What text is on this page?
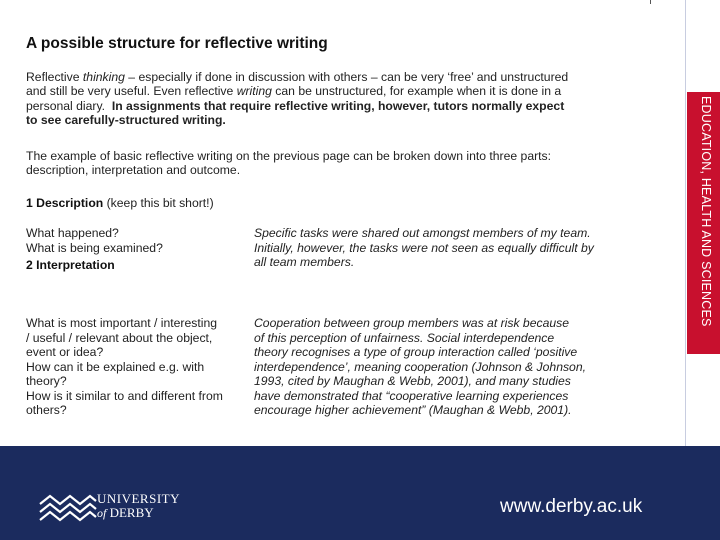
A possible structure for reflective writing
Reflective thinking – especially if done in discussion with others – can be very ‘free’ and unstructured
and still be very useful. Even reflective writing can be unstructured, for example when it is done in a
personal diary. In assignments that require reflective writing, however, tutors normally expect
to see carefully-structured writing.
The example of basic reflective writing on the previous page can be broken down into three parts:
description, interpretation and outcome.
1 Description (keep this bit short!)
What happened?
What is being examined?
Specific tasks were shared out amongst members of my team.
Initially, however, the tasks were not seen as equally difficult by
all team members.
2 Interpretation
What is most important / interesting
/ useful / relevant about the object,
event or idea?
How can it be explained e.g. with
theory?
How is it similar to and different from
others?
Cooperation between group members was at risk because
of this perception of unfairness. Social interdependence
theory recognises a type of group interaction called ‘positive
interdependence’, meaning cooperation (Johnson & Johnson,
1993, cited by Maughan & Webb, 2001), and many studies
have demonstrated that “cooperative learning experiences
encourage higher achievement” (Maughan & Webb, 2001).
EDUCATION, HEALTH AND SCIENCES
UNIVERSITY
of DERBY	www.derby.ac.uk
